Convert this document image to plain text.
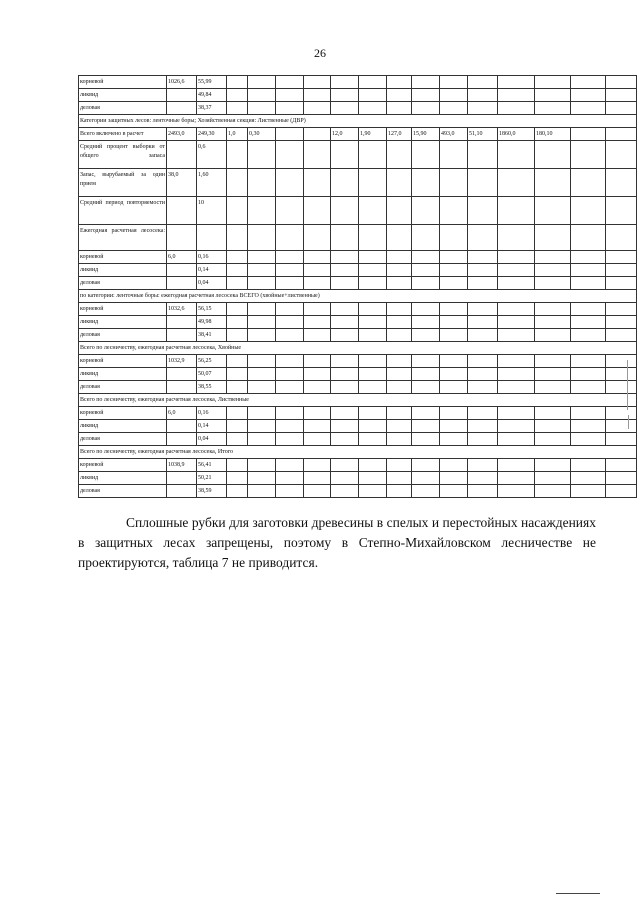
26
корневой	1026,6	55,99														
ликвид		49,84														
деловая		38,37														
Категории защитных лесов: ленточные боры; Хозяйственная секция: Лиственные (ДВР)																
Всего включено в расчет	2493,0	249,30	1,0	0,30			12,0	1,90	127,0	15,90	493,0	51,10	1860,0	180,10		
Средний процент выборки от общего запаса		0,6														
Запас, вырубаемый за один прием	38,0	1,60														
Средний период повторяемости		10														
Ежегодная расчетная лесосека:																
корневой	6,0	0,16														
ликвид		0,14														
деловая		0,04														
по категории: ленточные боры: ежегодная расчетная лесосека ВСЕГО (хвойные+лиственные)																
корневой	1032,6	56,15														
ликвид		49,98														
деловая		38,41														
Всего по лесничеству, ежегодная расчетная лесосека, Хвойные																
корневой	1032,9	56,25														
ликвид		50,07														
деловая		38,55														
Всего по лесничеству, ежегодная расчетная лесосека, Лиственные																
корневой	6,0	0,16														
ликвид		0,14														
деловая		0,04														
Всего по лесничеству, ежегодная расчетная лесосека, Итого																
корневой	1038,9	56,41														
ликвид		50,21														
деловая		38,59														
Сплошные рубки для заготовки древесины в спелых и перестойных насаждениях в защитных лесах запрещены, поэтому в Степно-Михайловском лесничестве не проектируются, таблица 7 не приводится.
